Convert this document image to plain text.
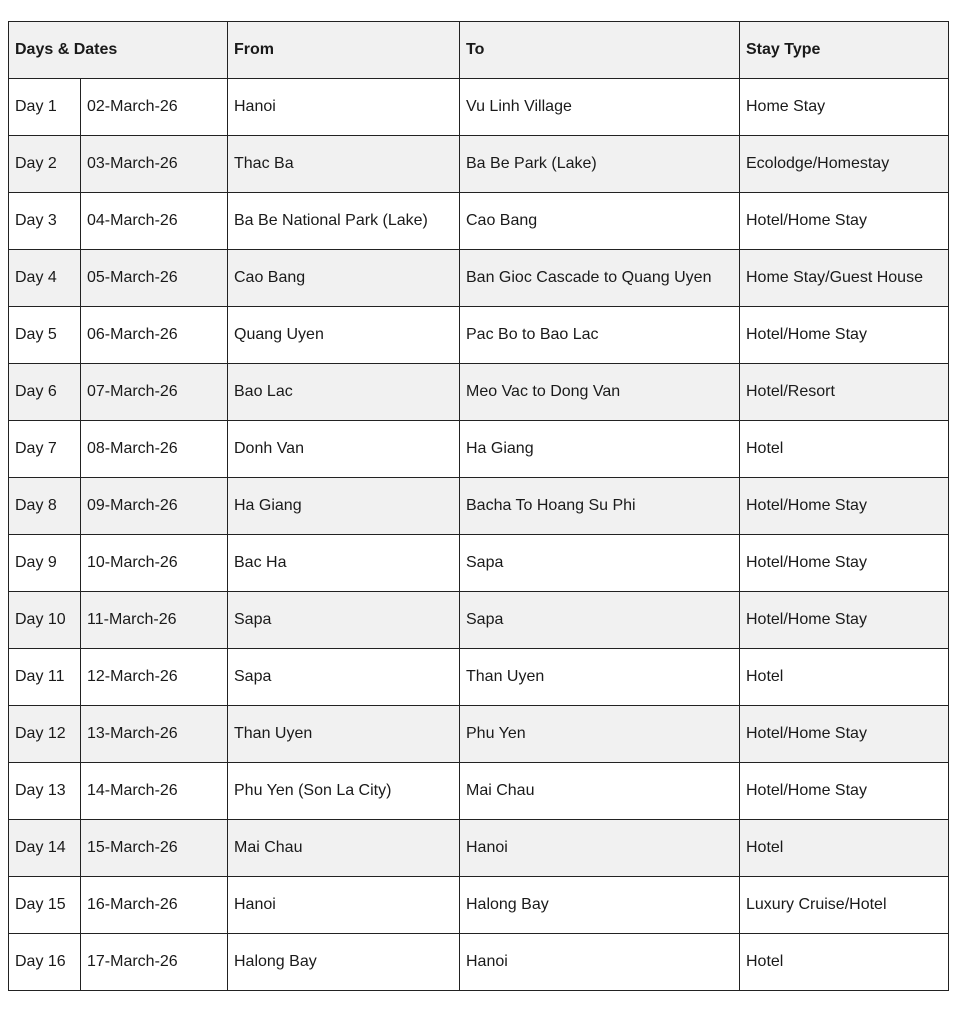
Days & Dates		From	To	Stay Type
Day 1	02-March-26	Hanoi	Vu Linh Village	Home Stay
Day 2	03-March-26	Thac Ba	Ba Be Park (Lake)	Ecolodge/Homestay
Day 3	04-March-26	Ba Be National Park (Lake)	Cao Bang	Hotel/Home Stay
Day 4	05-March-26	Cao Bang	Ban Gioc Cascade to Quang Uyen	Home Stay/Guest House
Day 5	06-March-26	Quang Uyen	Pac Bo to Bao Lac	Hotel/Home Stay
Day 6	07-March-26	Bao Lac	Meo Vac to Dong Van	Hotel/Resort
Day 7	08-March-26	Donh Van	Ha Giang	Hotel
Day 8	09-March-26	Ha Giang	Bacha To Hoang Su Phi	Hotel/Home Stay
Day 9	10-March-26	Bac Ha	Sapa	Hotel/Home Stay
Day 10	11-March-26	Sapa	Sapa	Hotel/Home Stay
Day 11	12-March-26	Sapa	Than Uyen	Hotel
Day 12	13-March-26	Than Uyen	Phu Yen	Hotel/Home Stay
Day 13	14-March-26	Phu Yen (Son La City)	Mai Chau	Hotel/Home Stay
Day 14	15-March-26	Mai Chau	Hanoi	Hotel
Day 15	16-March-26	Hanoi	Halong Bay	Luxury Cruise/Hotel
Day 16	17-March-26	Halong Bay	Hanoi	Hotel
